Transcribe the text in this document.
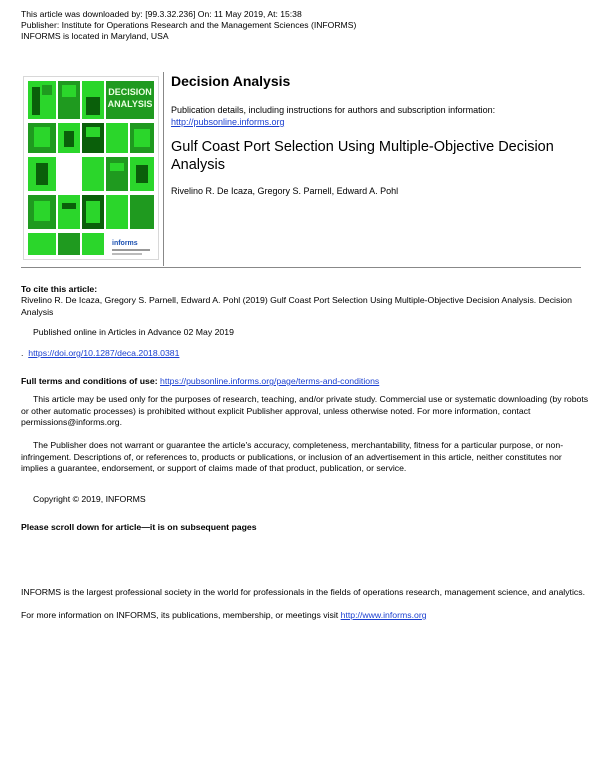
This article was downloaded by: [99.3.32.236] On: 11 May 2019, At: 15:38
Publisher: Institute for Operations Research and the Management Sciences (INFORMS)
INFORMS is located in Maryland, USA
DECISION
ANALYSIS
informs
Decision Analysis
Publication details, including instructions for authors and subscription information:
http://pubsonline.informs.org
Gulf Coast Port Selection Using Multiple-Objective Decision Analysis
Rivelino R. De Icaza, Gregory S. Parnell, Edward A. Pohl
To cite this article:
Rivelino R. De Icaza, Gregory S. Parnell, Edward A. Pohl (2019) Gulf Coast Port Selection Using Multiple-Objective Decision Analysis. Decision Analysis
Published online in Articles in Advance 02 May 2019
. https://doi.org/10.1287/deca.2018.0381
Full terms and conditions of use: https://pubsonline.informs.org/page/terms-and-conditions
This article may be used only for the purposes of research, teaching, and/or private study. Commercial use or systematic downloading (by robots or other automatic processes) is prohibited without explicit Publisher approval, unless otherwise noted. For more information, contact permissions@informs.org.
The Publisher does not warrant or guarantee the article's accuracy, completeness, merchantability, fitness for a particular purpose, or non-infringement. Descriptions of, or references to, products or publications, or inclusion of an advertisement in this article, neither constitutes nor implies a guarantee, endorsement, or support of claims made of that product, publication, or service.
Copyright © 2019, INFORMS
Please scroll down for article—it is on subsequent pages
INFORMS is the largest professional society in the world for professionals in the fields of operations research, management science, and analytics.
For more information on INFORMS, its publications, membership, or meetings visit http://www.informs.org
